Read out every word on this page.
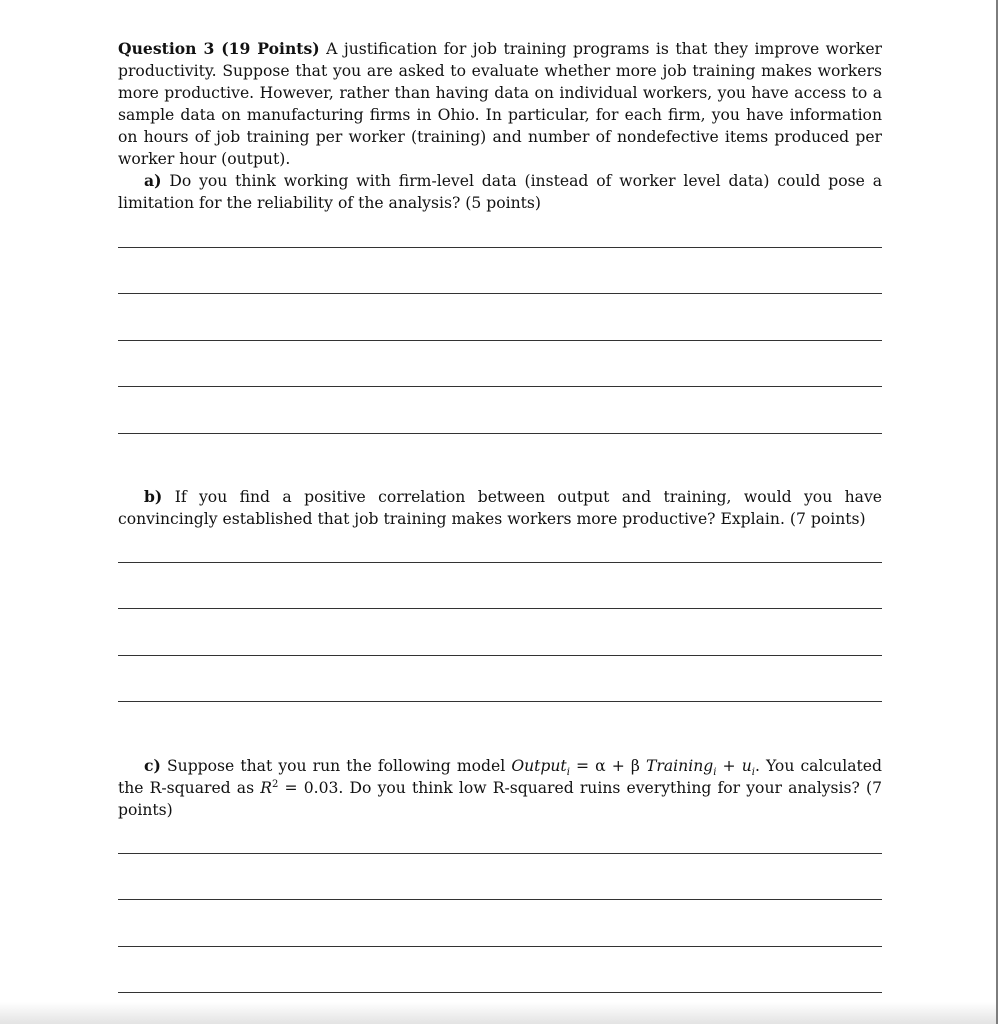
Question 3 (19 Points) A justification for job training programs is that they improve worker productivity. Suppose that you are asked to evaluate whether more job training makes workers more productive. However, rather than having data on individual workers, you have access to a sample data on manufacturing firms in Ohio. In particular, for each firm, you have information on hours of job training per worker (training) and number of nondefective items produced per worker hour (output).
a) Do you think working with firm-level data (instead of worker level data) could pose a limitation for the reliability of the analysis? (5 points)

b) If you find a positive correlation between output and training, would you have convincingly established that job training makes workers more productive? Explain. (7 points)

c) Suppose that you run the following model Output$_i$ = α + β Training$_i$ + $u_i$. You calculated the R-squared as $R^2 = 0.03$. Do you think low R-squared ruins everything for your analysis? (7 points)
